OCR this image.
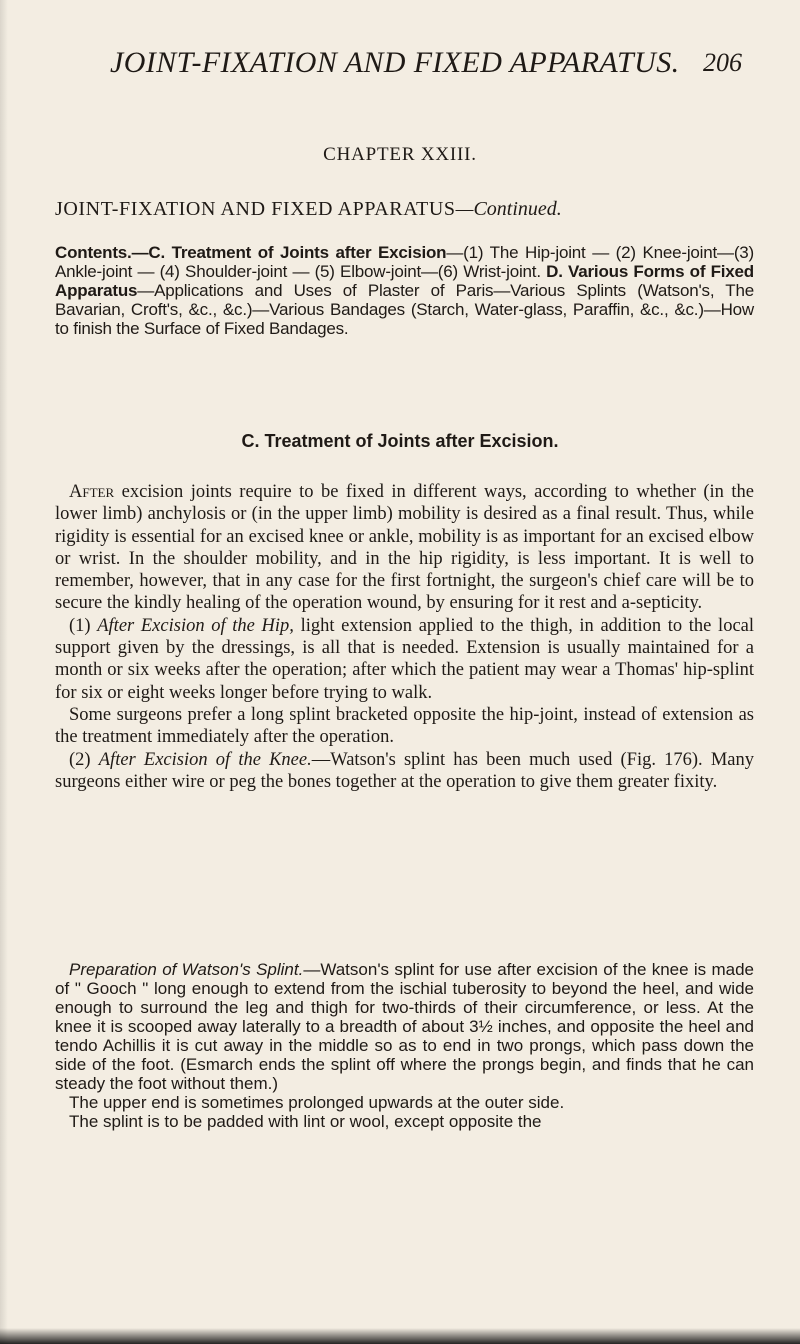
JOINT-FIXATION AND FIXED APPARATUS. 206
CHAPTER XXIII.
JOINT-FIXATION AND FIXED APPARATUS—Continued.
Contents.—C. Treatment of Joints after Excision—(1) The Hip-joint — (2) Knee-joint—(3) Ankle-joint — (4) Shoulder-joint — (5) Elbow-joint—(6) Wrist-joint. D. Various Forms of Fixed Apparatus—Applications and Uses of Plaster of Paris—Various Splints (Watson's, The Bavarian, Croft's, &c., &c.)—Various Bandages (Starch, Water-glass, Paraffin, &c., &c.)—How to finish the Surface of Fixed Bandages.
C. Treatment of Joints after Excision.

After excision joints require to be fixed in different ways, according to whether (in the lower limb) anchylosis or (in the upper limb) mobility is desired as a final result. Thus, while rigidity is essential for an excised knee or ankle, mobility is as important for an excised elbow or wrist. In the shoulder mobility, and in the hip rigidity, is less important. It is well to remember, however, that in any case for the first fortnight, the surgeon's chief care will be to secure the kindly healing of the operation wound, by ensuring for it rest and a-septicity.

(1) After Excision of the Hip, light extension applied to the thigh, in addition to the local support given by the dressings, is all that is needed. Extension is usually maintained for a month or six weeks after the operation; after which the patient may wear a Thomas' hip-splint for six or eight weeks longer before trying to walk.

Some surgeons prefer a long splint bracketed opposite the hip-joint, instead of extension as the treatment immediately after the operation.

(2) After Excision of the Knee.—Watson's splint has been much used (Fig. 176). Many surgeons either wire or peg the bones together at the operation to give them greater fixity.

Preparation of Watson's Splint.—Watson's splint for use after excision of the knee is made of " Gooch " long enough to extend from the ischial tuberosity to beyond the heel, and wide enough to surround the leg and thigh for two-thirds of their circumference, or less. At the knee it is scooped away laterally to a breadth of about 3½ inches, and opposite the heel and tendo Achillis it is cut away in the middle so as to end in two prongs, which pass down the side of the foot. (Esmarch ends the splint off where the prongs begin, and finds that he can steady the foot without them.)

The upper end is sometimes prolonged upwards at the outer side.

The splint is to be padded with lint or wool, except opposite the
